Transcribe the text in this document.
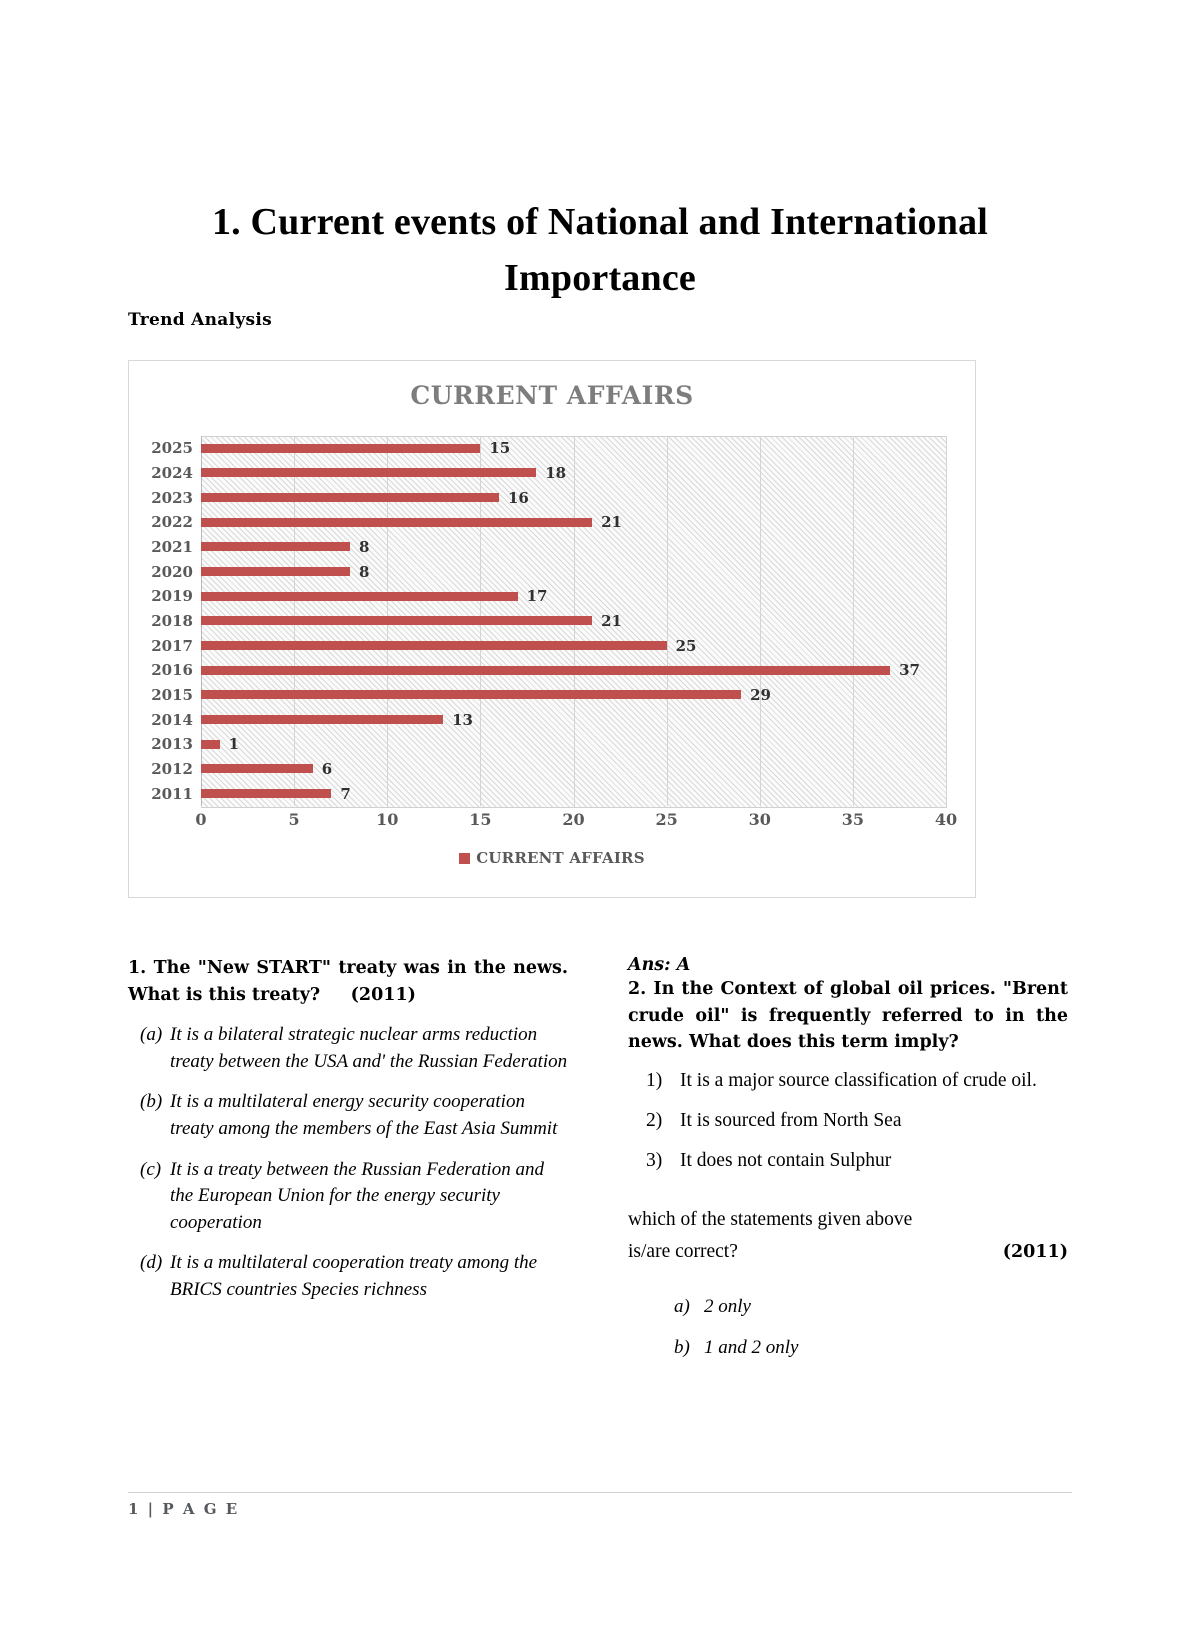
1. Current events of National and International Importance
Trend Analysis
CURRENT AFFAIRS
15
18
16
21
8
8
17
21
25
37
29
13
1
6
7
2025
2024
2023
2022
2021
2020
2019
2018
2017
2016
2015
2014
2013
2012
2011
0	5	10	15	20	25	30	35	40
CURRENT AFFAIRS
1. The "New START" treaty was in the news. What is this treaty? (2011)
(a) It is a bilateral strategic nuclear arms reduction treaty between the USA and' the Russian Federation
(b) It is a multilateral energy security cooperation treaty among the members of the East Asia Summit
(c) It is a treaty between the Russian Federation and the European Union for the energy security cooperation
(d) It is a multilateral cooperation treaty among the BRICS countries Species richness
Ans: A
2. In the Context of global oil prices. "Brent crude oil" is frequently referred to in the news. What does this term imply?
1) It is a major source classification of crude oil.
2) It is sourced from North Sea
3) It does not contain Sulphur
which of the statements given above
is/are correct?	(2011)
a) 2 only
b) 1 and 2 only
1 | P A G E
